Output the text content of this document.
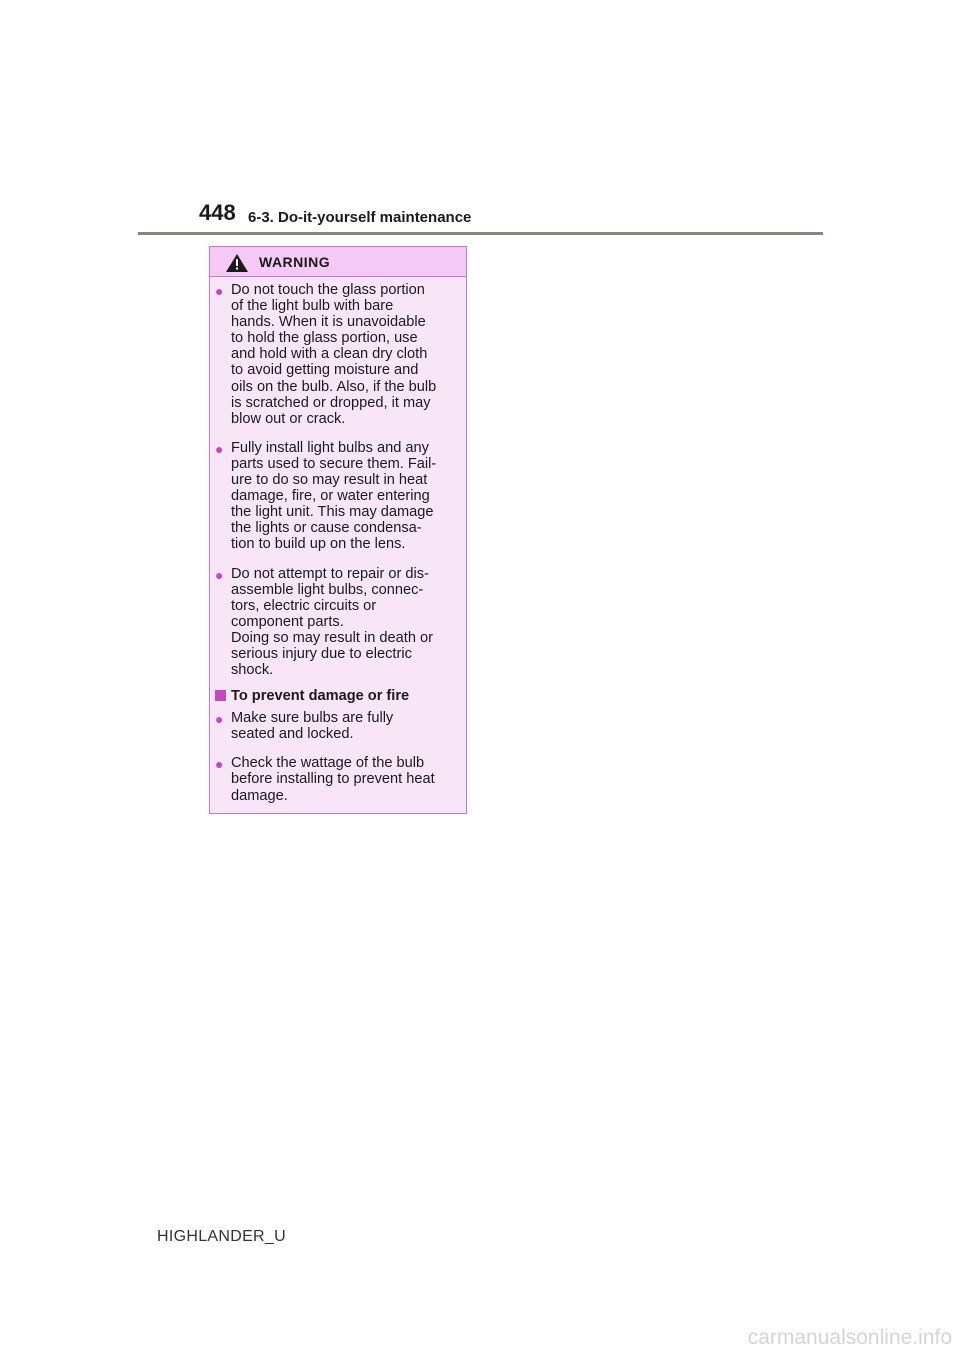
448 6-3. Do-it-yourself maintenance
WARNING
● Do not touch the glass portion
of the light bulb with bare
hands. When it is unavoidable
to hold the glass portion, use
and hold with a clean dry cloth
to avoid getting moisture and
oils on the bulb. Also, if the bulb
is scratched or dropped, it may
blow out or crack.
● Fully install light bulbs and any
parts used to secure them. Fail-
ure to do so may result in heat
damage, fire, or water entering
the light unit. This may damage
the lights or cause condensa-
tion to build up on the lens.
● Do not attempt to repair or dis-
assemble light bulbs, connec-
tors, electric circuits or
component parts.
Doing so may result in death or
serious injury due to electric
shock.
To prevent damage or fire
● Make sure bulbs are fully
seated and locked.
● Check the wattage of the bulb
before installing to prevent heat
damage.
HIGHLANDER_U
carmanualsonline.info
